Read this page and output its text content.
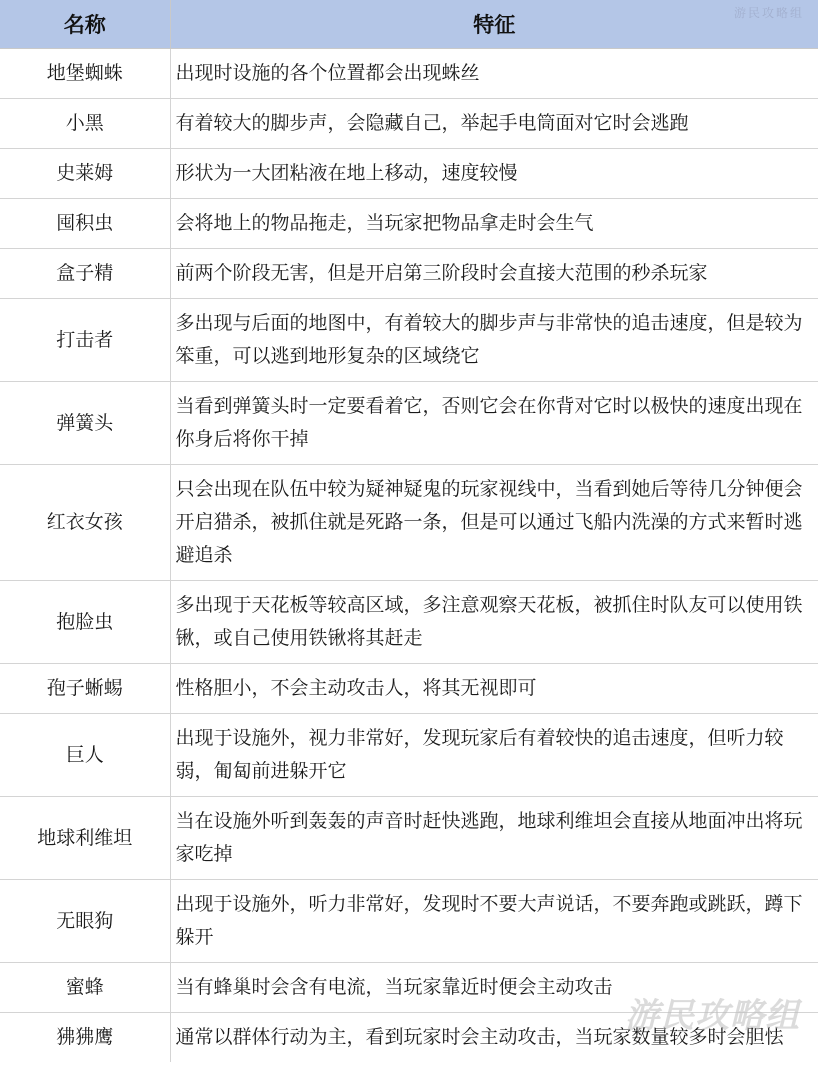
名称	特征
地堡蜘蛛	出现时设施的各个位置都会出现蛛丝
小黑	有着较大的脚步声，会隐藏自己，举起手电筒面对它时会逃跑
史莱姆	形状为一大团粘液在地上移动，速度较慢
囤积虫	会将地上的物品拖走，当玩家把物品拿走时会生气
盒子精	前两个阶段无害，但是开启第三阶段时会直接大范围的秒杀玩家
打击者	多出现与后面的地图中，有着较大的脚步声与非常快的追击速度，但是较为笨重，可以逃到地形复杂的区域绕它
弹簧头	当看到弹簧头时一定要看着它，否则它会在你背对它时以极快的速度出现在你身后将你干掉
红衣女孩	只会出现在队伍中较为疑神疑鬼的玩家视线中，当看到她后等待几分钟便会开启猎杀，被抓住就是死路一条，但是可以通过飞船内洗澡的方式来暂时逃避追杀
抱脸虫	多出现于天花板等较高区域，多注意观察天花板，被抓住时队友可以使用铁锹，或自己使用铁锹将其赶走
孢子蜥蜴	性格胆小，不会主动攻击人，将其无视即可
巨人	出现于设施外，视力非常好，发现玩家后有着较快的追击速度，但听力较弱，匍匐前进躲开它
地球利维坦	当在设施外听到轰轰的声音时赶快逃跑，地球利维坦会直接从地面冲出将玩家吃掉
无眼狗	出现于设施外，听力非常好，发现时不要大声说话，不要奔跑或跳跃，蹲下躲开
蜜蜂	当有蜂巢时会含有电流，当玩家靠近时便会主动攻击
狒狒鹰	通常以群体行动为主，看到玩家时会主动攻击，当玩家数量较多时会胆怯
游民攻略组
游民攻略组
